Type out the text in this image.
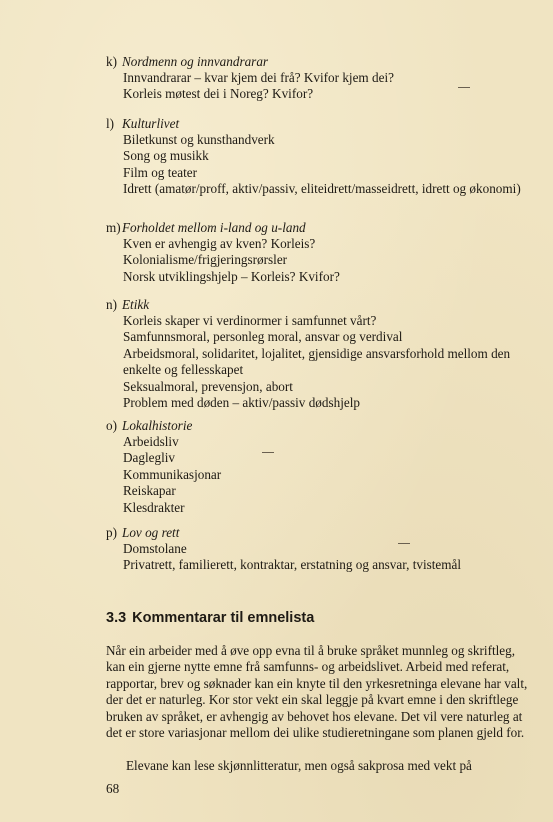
k) Nordmenn og innvandrarar
Innvandrarar – kvar kjem dei frå? Kvifor kjem dei?
Korleis møtest dei i Noreg? Kvifor?
l) Kulturlivet
Biletkunst og kunsthandverk
Song og musikk
Film og teater
Idrett (amatør/proff, aktiv/passiv, eliteidrett/masseidrett, idrett og økonomi)
m)Forholdet mellom i-land og u-land
Kven er avhengig av kven? Korleis?
Kolonialisme/frigjeringsrørsler
Norsk utviklingshjelp – Korleis? Kvifor?
n) Etikk
Korleis skaper vi verdinormer i samfunnet vårt?
Samfunnsmoral, personleg moral, ansvar og verdival
Arbeidsmoral, solidaritet, lojalitet, gjensidige ansvarsforhold mellom den enkelte og fellesskapet
Seksualmoral, prevensjon, abort
Problem med døden – aktiv/passiv dødshjelp
o) Lokalhistorie
Arbeidsliv
Daglegliv
Kommunikasjonar
Reiskapar
Klesdrakter
p) Lov og rett
Domstolane
Privatrett, familierett, kontraktar, erstatning og ansvar, tvistemål
3.3 Kommentarar til emnelista

Når ein arbeider med å øve opp evna til å bruke språket munnleg og skriftleg, kan ein gjerne nytte emne frå samfunns- og arbeidslivet. Arbeid med referat, rapportar, brev og søknader kan ein knyte til den yrkesretninga elevane har valt, der det er naturleg. Kor stor vekt ein skal leggje på kvart emne i den skriftlege bruken av språket, er avhengig av behovet hos elevane. Det vil vere naturleg at det er store variasjonar mellom dei ulike studieretningane som planen gjeld for.

Elevane kan lese skjønnlitteratur, men også sakprosa med vekt på

68
